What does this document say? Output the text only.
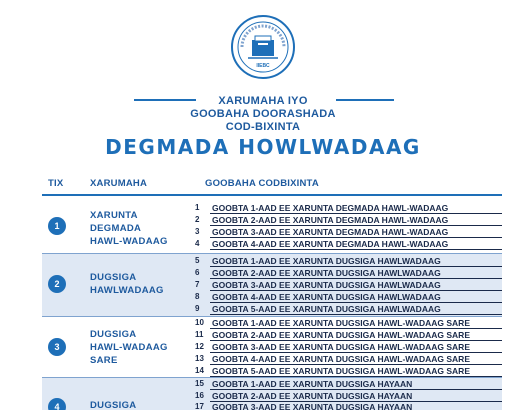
IIEBC
XARUMAHA IYO
GOOBAHA DOORASHADA
COD-BIXINTA
DEGMADA HOWLWADAAG
TIX	XARUMAHA	GOOBAHA CODBIXINTA
1
XARUNTA
DEGMADA
HAWL-WADAAG
1	GOOBTA 1-AAD EE XARUNTA DEGMADA HAWL-WADAAG
2	GOOBTA 2-AAD EE XARUNTA DEGMADA HAWL-WADAAG
3	GOOBTA 3-AAD EE XARUNTA DEGMADA HAWL-WADAAG
4	GOOBTA 4-AAD EE XARUNTA DEGMADA HAWL-WADAAG
2
DUGSIGA
HAWLWADAAG
5	GOOBTA 1-AAD EE XARUNTA DUGSIGA HAWLWADAAG
6	GOOBTA 2-AAD EE XARUNTA DUGSIGA HAWLWADAAG
7	GOOBTA 3-AAD EE XARUNTA DUGSIGA HAWLWADAAG
8	GOOBTA 4-AAD EE XARUNTA DUGSIGA HAWLWADAAG
9	GOOBTA 5-AAD EE XARUNTA DUGSIGA HAWLWADAAG
3
DUGSIGA
HAWL-WADAAG
SARE
10 GOOBTA 1-AAD EE XARUNTA DUGSIGA HAWL-WADAAG SARE
11	GOOBTA 2-AAD EE XARUNTA DUGSIGA HAWL-WADAAG SARE
12 GOOBTA 3-AAD EE XARUNTA DUGSIGA HAWL-WADAAG SARE
13 GOOBTA 4-AAD EE XARUNTA DUGSIGA HAWL-WADAAG SARE
14 GOOBTA 5-AAD EE XARUNTA DUGSIGA HAWL-WADAAG SARE
4	DUGSIGA
15 GOOBTA 1-AAD EE XARUNTA DUGSIGA HAYAAN
16 GOOBTA 2-AAD EE XARUNTA DUGSIGA HAYAAN
17 GOOBTA 3-AAD EE XARUNTA DUGSIGA HAYAAN
